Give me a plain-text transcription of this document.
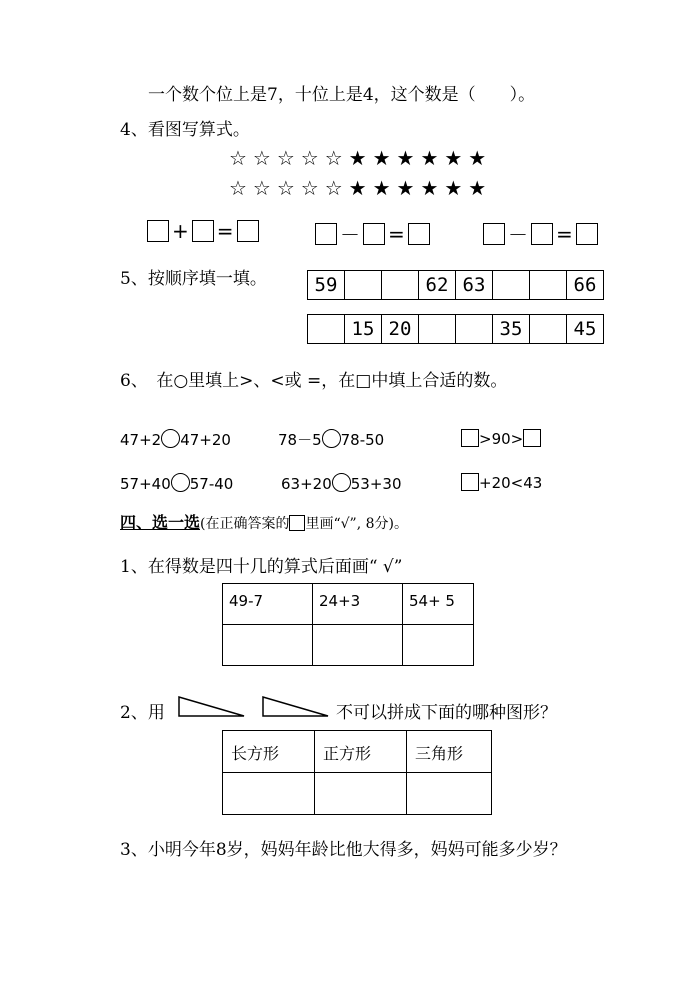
一个数个位上是7，十位上是4，这个数是（　　）。
4、看图写算式。
☆☆☆☆☆★★★★★★
☆☆☆☆☆★★★★★★
+ =	－ =	－ =
5、按顺序填一填。	59			62	63			66
	15	20			35		45
6、　在○里填上>、<或 =，在□中填上合适的数。
47+2 47+20	78－5 78-50	>90>
57+40 57-40	63+20 53+30	+20<43
四、选一选(在正确答案的 里画“√”, 8分)。
1、在得数是四十几的算式后面画“ √”
49-7	24+3	54+ 5

2、用	不可以拼成下面的哪种图形？
长方形	正方形	三角形

3、小明今年8岁，妈妈年龄比他大得多，妈妈可能多少岁？
